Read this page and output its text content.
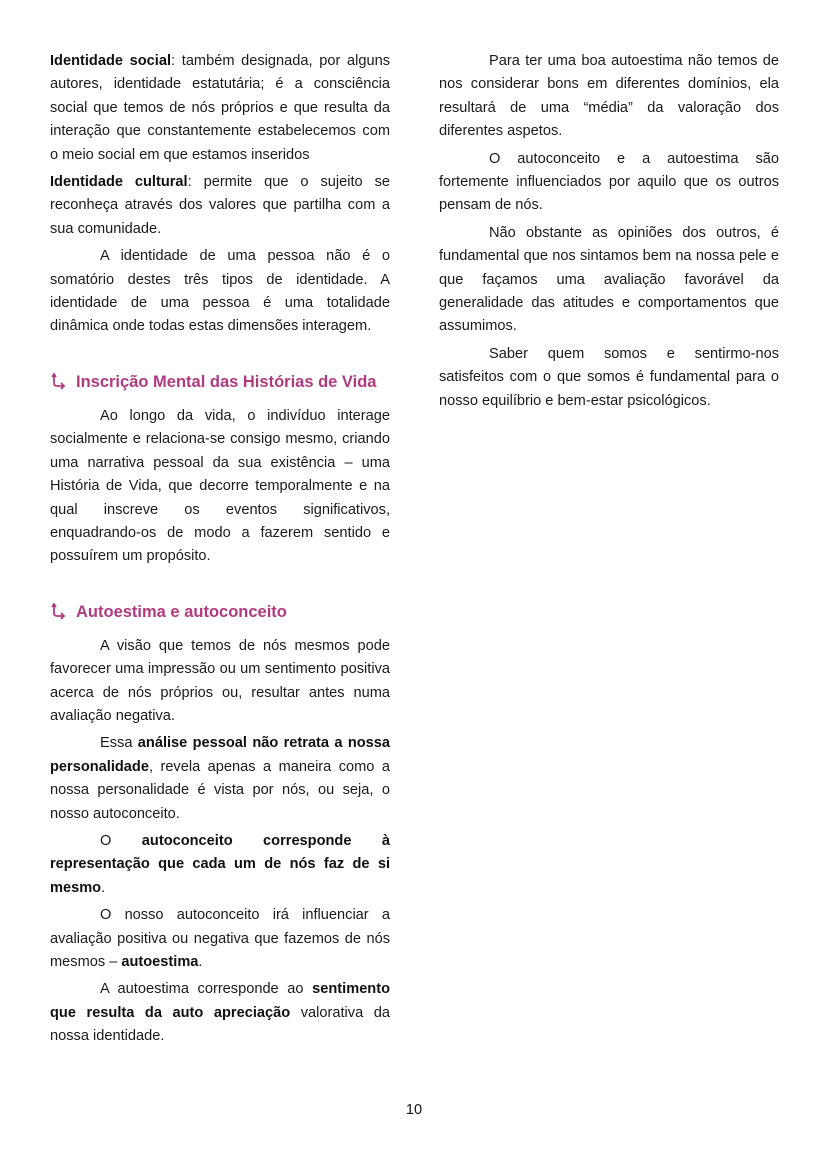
Identidade social: também designada, por alguns autores, identidade estatutária; é a consciência social que temos de nós próprios e que resulta da interação que constantemente estabelecemos com o meio social em que estamos inseridos

Identidade cultural: permite que o sujeito se reconheça através dos valores que partilha com a sua comunidade.

A identidade de uma pessoa não é o somatório destes três tipos de identidade. A identidade de uma pessoa é uma totalidade dinâmica onde todas estas dimensões interagem.

Inscrição Mental das Histórias de Vida

Ao longo da vida, o indivíduo interage socialmente e relaciona-se consigo mesmo, criando uma narrativa pessoal da sua existência – uma História de Vida, que decorre temporalmente e na qual inscreve os eventos significativos, enquadrando-os de modo a fazerem sentido e possuírem um propósito.

Autoestima e autoconceito

A visão que temos de nós mesmos pode favorecer uma impressão ou um sentimento positiva acerca de nós próprios ou, resultar antes numa avaliação negativa.

Essa análise pessoal não retrata a nossa personalidade, revela apenas a maneira como a nossa personalidade é vista por nós, ou seja, o nosso autoconceito.

O autoconceito corresponde à representação que cada um de nós faz de si mesmo.

O nosso autoconceito irá influenciar a avaliação positiva ou negativa que fazemos de nós mesmos – autoestima.

A autoestima corresponde ao sentimento que resulta da auto apreciação valorativa da nossa identidade.

Para ter uma boa autoestima não temos de nos considerar bons em diferentes domínios, ela resultará de uma “média” da valoração dos diferentes aspetos.

O autoconceito e a autoestima são fortemente influenciados por aquilo que os outros pensam de nós.

Não obstante as opiniões dos outros, é fundamental que nos sintamos bem na nossa pele e que façamos uma avaliação favorável da generalidade das atitudes e comportamentos que assumimos.

Saber quem somos e sentirmo-nos satisfeitos com o que somos é fundamental para o nosso equilíbrio e bem-estar psicológicos.

10
